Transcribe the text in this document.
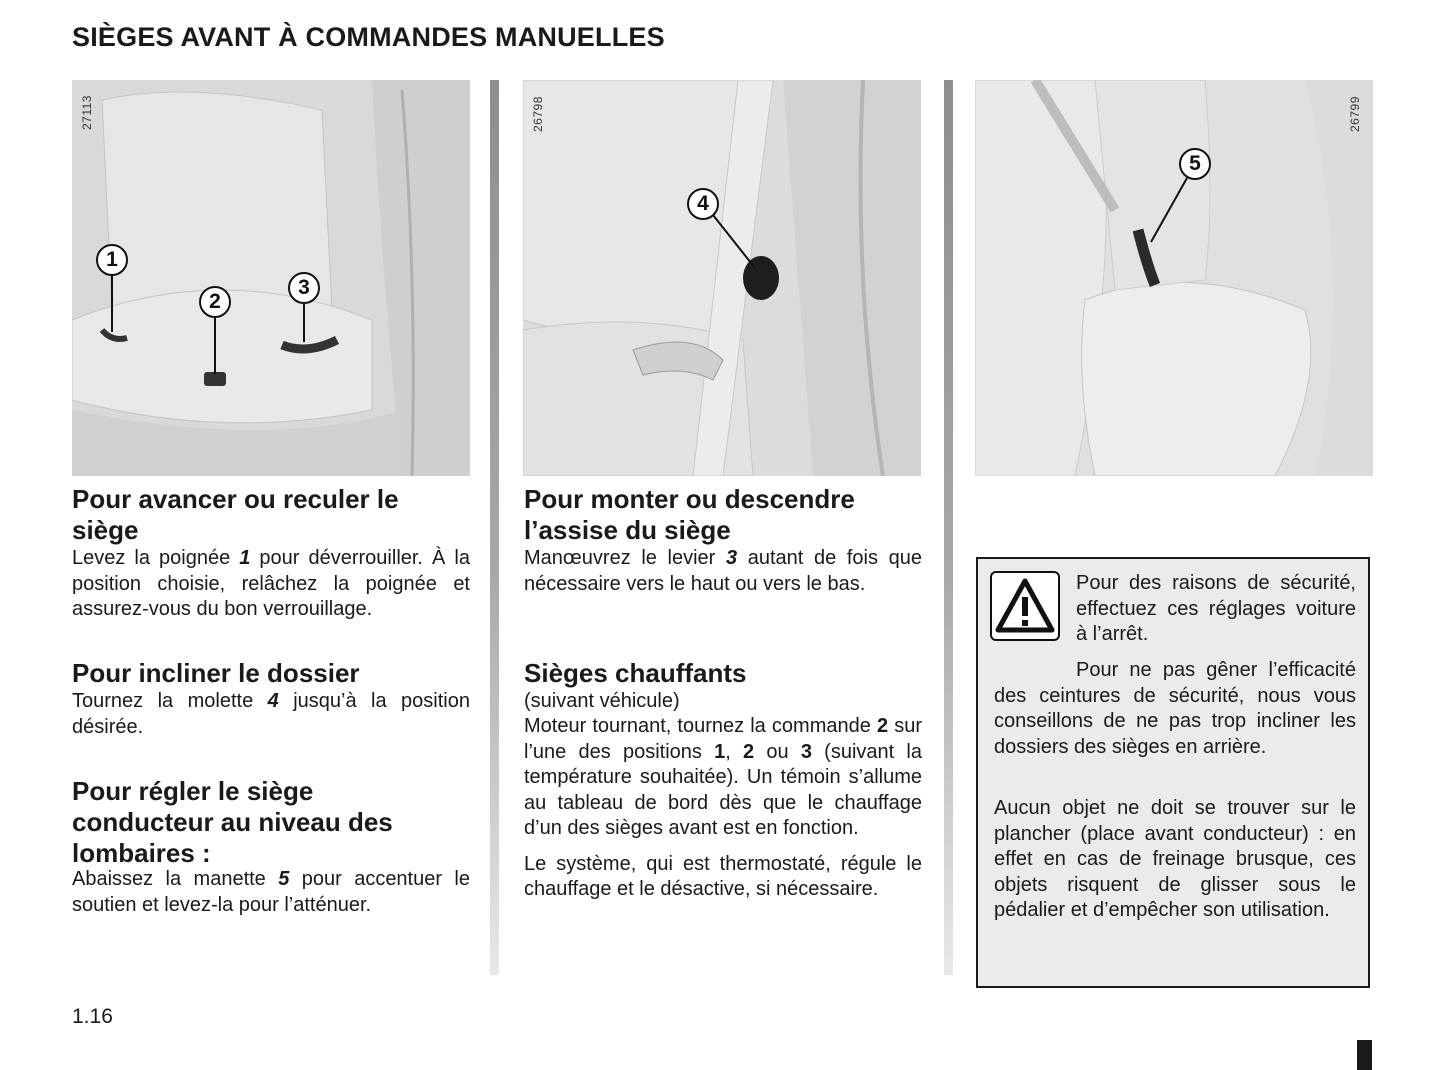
SIÈGES AVANT À COMMANDES MANUELLES
27113
1
2
3
26798
4
26799
5
Pour avancer ou reculer le siège

Levez la poignée 1 pour déverrouiller. À la position choisie, relâchez la poignée et assurez-vous du bon verrouillage.

Pour incliner le dossier

Tournez la molette 4 jusqu’à la position désirée.

Pour régler le siège conducteur au niveau des lombaires :

Abaissez la manette 5 pour accentuer le soutien et levez-la pour l’atténuer.

Pour monter ou descendre l’assise du siège

Manœuvrez le levier 3 autant de fois que nécessaire vers le haut ou vers le bas.

Sièges chauffants

(suivant véhicule)

Moteur tournant, tournez la commande 2 sur l’une des positions 1, 2 ou 3 (suivant la température souhaitée). Un témoin s’allume au tableau de bord dès que le chauffage d’un des sièges avant est en fonction.

Le système, qui est thermostaté, régule le chauffage et le désactive, si nécessaire.

Pour des raisons de sécurité, effectuez ces réglages voiture à l’arrêt.
Pour ne pas gêner l’efficacité des ceintures de sécurité, nous vous conseillons de ne pas trop incliner les dossiers des sièges en arrière.
Aucun objet ne doit se trouver sur le plancher (place avant conducteur) : en effet en cas de freinage brusque, ces objets risquent de glisser sous le pédalier et d’empêcher son utilisation.
1.16
